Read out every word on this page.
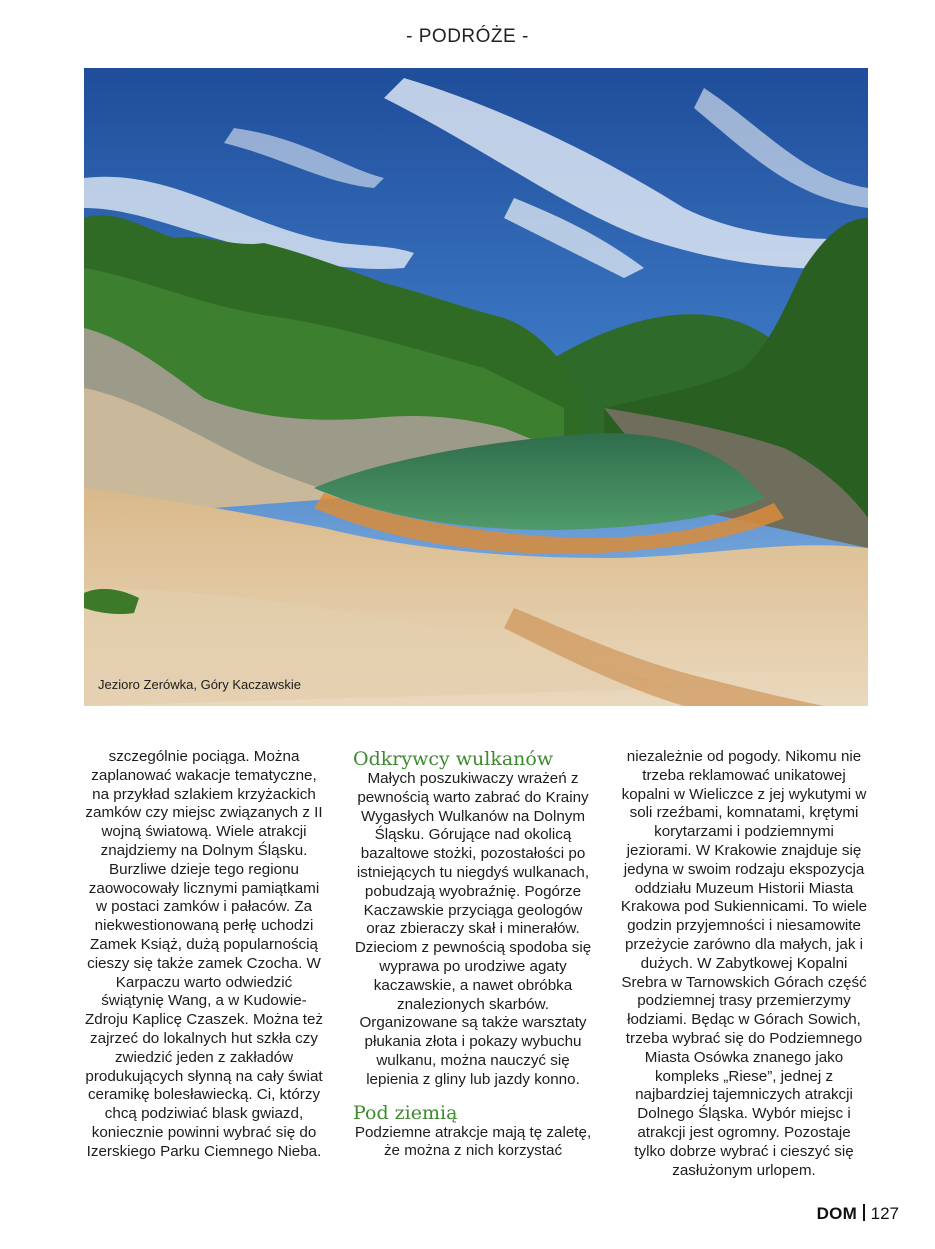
- PODRÓŻE -
Jezioro Zerówka, Góry Kaczawskie

szczególnie pociąga. Można zaplanować wakacje tematyczne, na przykład szlakiem krzyżackich zamków czy miejsc związanych z II wojną światową. Wiele atrakcji znajdziemy na Dolnym Śląsku. Burzliwe dzieje tego regionu zaowocowały licznymi pamiątkami w postaci zamków i pałaców. Za niekwestionowaną perłę uchodzi Zamek Książ, dużą popularnością cieszy się także zamek Czocha. W Karpaczu warto odwiedzić świątynię Wang, a w Kudowie-Zdroju Kaplicę Czaszek. Można też zajrzeć do lokalnych hut szkła czy zwiedzić jeden z zakładów produkujących słynną na cały świat ceramikę bolesławiecką. Ci, którzy chcą podziwiać blask gwiazd, koniecznie powinni wybrać się do Izerskiego Parku Ciemnego Nieba.

Odkrywcy wulkanów

Małych poszukiwaczy wrażeń z pewnością warto zabrać do Krainy Wygasłych Wulkanów na Dolnym Śląsku. Górujące nad okolicą bazaltowe stożki, pozostałości po istniejących tu niegdyś wulkanach, pobudzają wyobraźnię. Pogórze Kaczawskie przyciąga geologów oraz zbieraczy skał i minerałów. Dzieciom z pewnością spodoba się wyprawa po urodziwe agaty kaczawskie, a nawet obróbka znalezionych skarbów. Organizowane są także warsztaty płukania złota i pokazy wybuchu wulkanu, można nauczyć się lepienia z gliny lub jazdy konno.

Pod ziemią

Podziemne atrakcje mają tę zaletę, że można z nich korzystać

niezależnie od pogody. Nikomu nie trzeba reklamować unikatowej kopalni w Wieliczce z jej wykutymi w soli rzeźbami, komnatami, krętymi korytarzami i podziemnymi jeziorami. W Krakowie znajduje się jedyna w swoim rodzaju ekspozycja oddziału Muzeum Historii Miasta Krakowa pod Sukiennicami. To wiele godzin przyjemności i niesamowite przeżycie zarówno dla małych, jak i dużych. W Zabytkowej Kopalni Srebra w Tarnowskich Górach część podziemnej trasy przemierzymy łodziami. Będąc w Górach Sowich, trzeba wybrać się do Podziemnego Miasta Osówka znanego jako kompleks „Riese”, jednej z najbardziej tajemniczych atrakcji Dolnego Śląska. Wybór miejsc i atrakcji jest ogromny. Pozostaje tylko dobrze wybrać i cieszyć się zasłużonym urlopem.

DOM 127
